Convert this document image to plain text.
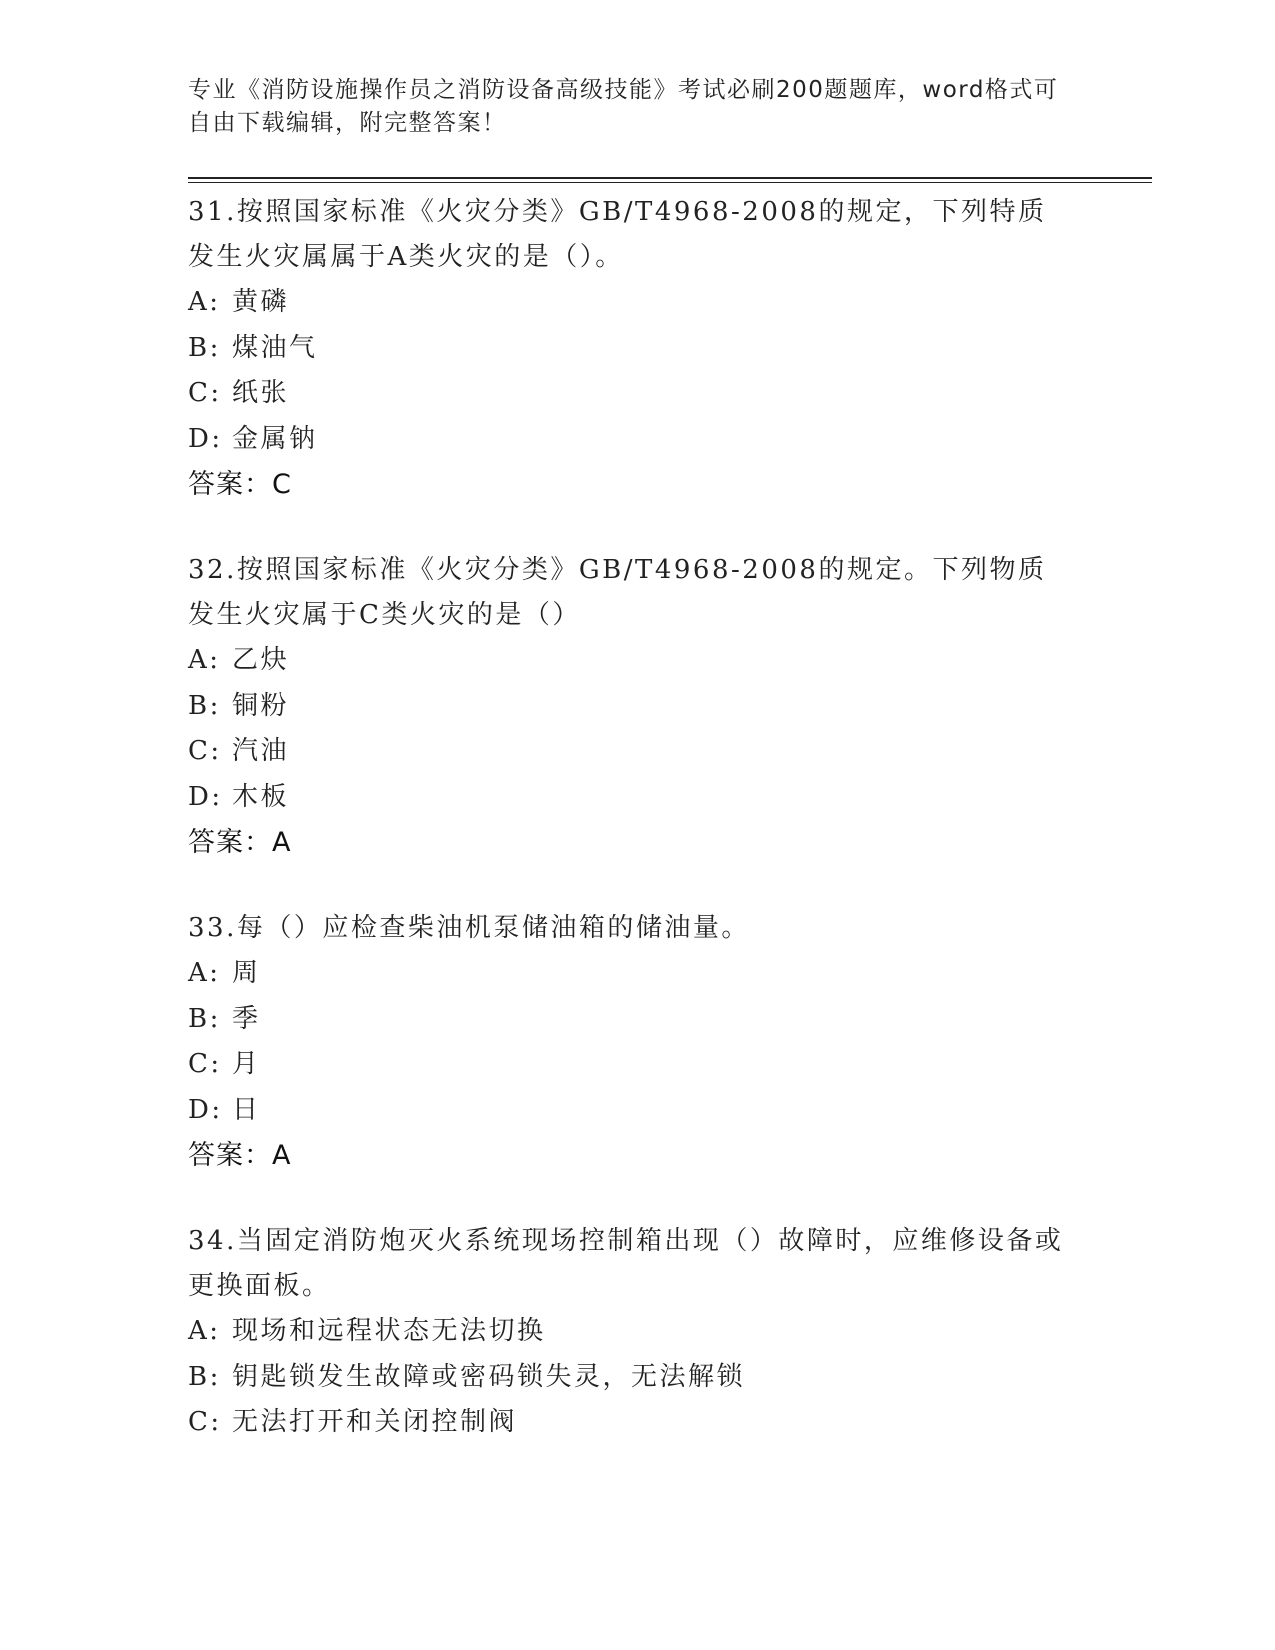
专业《消防设施操作员之消防设备高级技能》考试必刷200题题库，word格式可自由下载编辑，附完整答案！
31.按照国家标准《火灾分类》GB/T4968-2008的规定，下列特质发生火灾属属于A类火灾的是（）。
A: 黄磷
B: 煤油气
C: 纸张
D: 金属钠
答案：C
32.按照国家标准《火灾分类》GB/T4968-2008的规定。下列物质发生火灾属于C类火灾的是（）
A: 乙炔
B: 铜粉
C: 汽油
D: 木板
答案：A
33.每（）应检查柴油机泵储油箱的储油量。
A: 周
B: 季
C: 月
D: 日
答案：A
34.当固定消防炮灭火系统现场控制箱出现（）故障时，应维修设备或更换面板。
A: 现场和远程状态无法切换
B: 钥匙锁发生故障或密码锁失灵，无法解锁
C: 无法打开和关闭控制阀
